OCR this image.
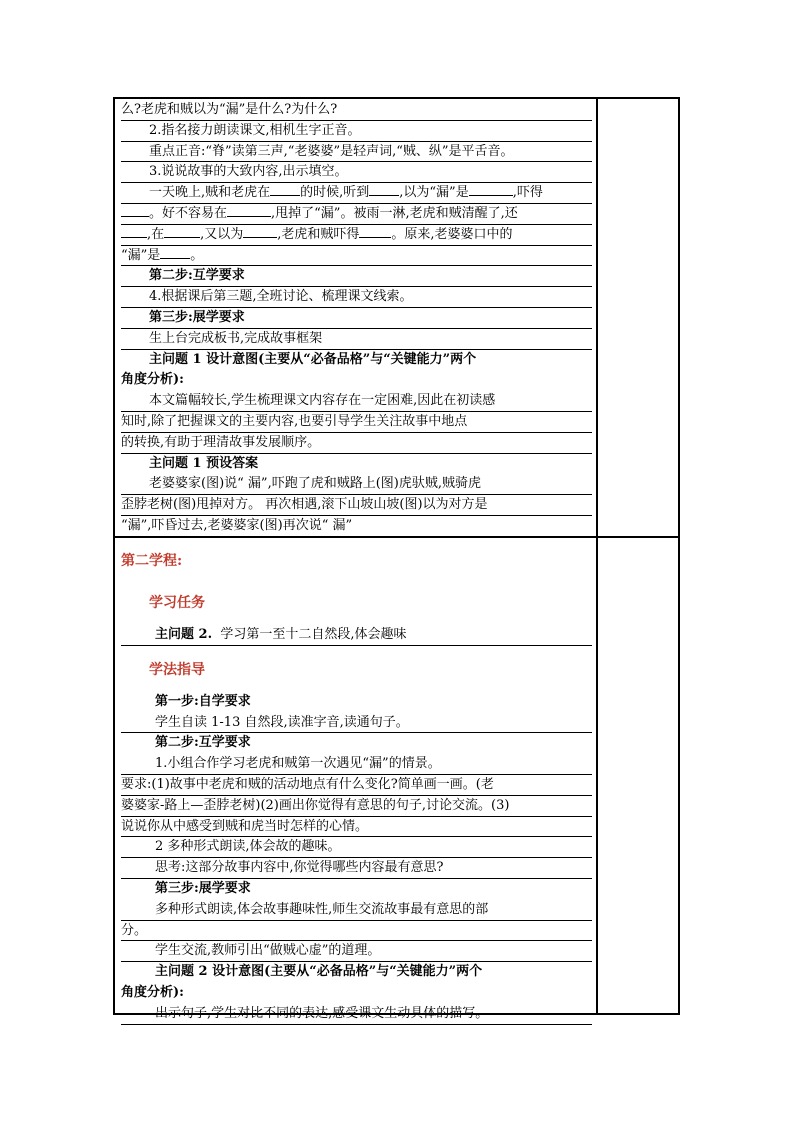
么?老虎和贼以为“漏”是什么?为什么?
2.指名接力朗读课文,相机生字正音。
重点正音:“脊”读第三声,“老婆婆”是轻声词,“贼、纵”是平舌音。
3.说说故事的大致内容,出示填空。
一天晚上,贼和老虎在 的时候,听到 ,以为“漏”是	,吓得
。好不容易在	,甩掉了“漏”。被雨一淋,老虎和贼清醒了,还
,在	,又以为	,老虎和贼吓得 。原来,老婆婆口中的
“漏”是 。
第二步:互学要求
4.根据课后第三题,全班讨论、梳理课文线索。
第三步:展学要求
生上台完成板书,完成故事框架
主问题 1 设计意图(主要从“必备品格”与“关键能力”两个
角度分析):
本文篇幅较长,学生梳理课文内容存在一定困难,因此在初读感
知时,除了把握课文的主要内容,也要引导学生关注故事中地点
的转换,有助于理清故事发展顺序。
主问题 1 预设答案
老婆婆家(图)说“ 漏”,吓跑了虎和贼路上(图)虎驮贼,贼骑虎
歪脖老树(图)甩掉对方。 再次相遇,滚下山坡山坡(图)以为对方是
“漏”,吓昏过去,老婆婆家(图)再次说“ 漏”
第二学程:
学习任务
主问题 2. 学习第一至十二自然段,体会趣味
学法指导
第一步:自学要求
学生自读 1-13 自然段,读准字音,读通句子。
第二步:互学要求
1.小组合作学习老虎和贼第一次遇见“漏”的情景。
要求:(1)故事中老虎和贼的活动地点有什么变化?简单画一画。(老
婆婆家-路上—歪脖老树)(2)画出你觉得有意思的句子,讨论交流。(3)
说说你从中感受到贼和虎当时怎样的心情。
2 多种形式朗读,体会故的趣味。
思考:这部分故事内容中,你觉得哪些内容最有意思?
第三步:展学要求
多种形式朗读,体会故事趣味性,师生交流故事最有意思的部
分。
学生交流,教师引出“做贼心虚”的道理。
主问题 2 设计意图(主要从“必备品格”与“关键能力”两个
角度分析):
出示句子,学生对比不同的表达,感受课文生动具体的描写。
